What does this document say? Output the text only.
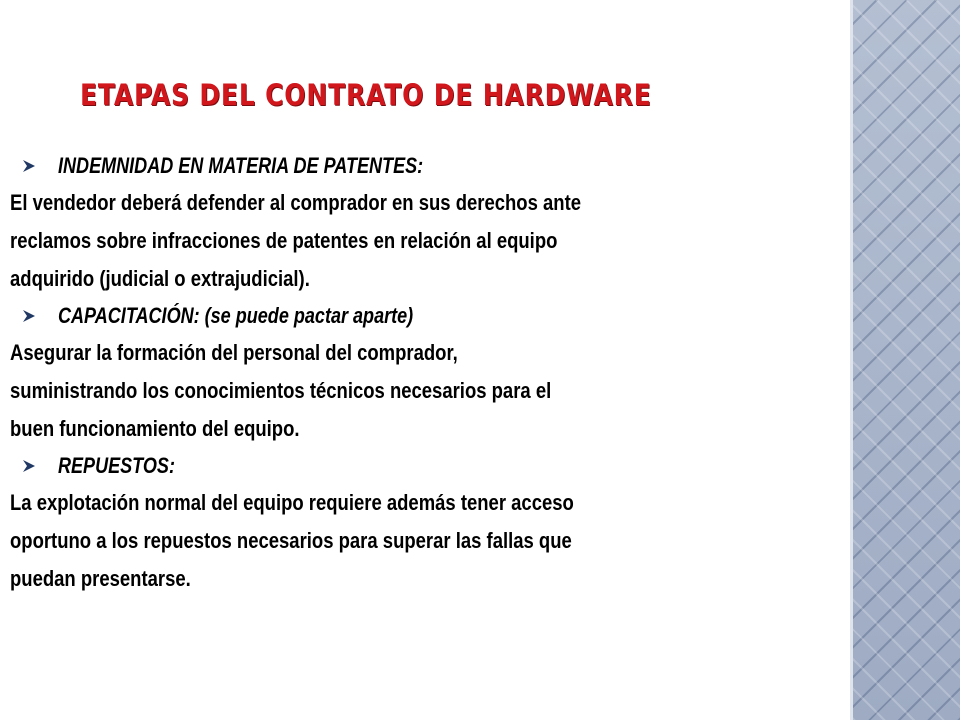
ETAPAS DEL CONTRATO DE HARDWARE
INDEMNIDAD EN MATERIA DE PATENTES:

El vendedor deberá defender al comprador en sus derechos ante
reclamos sobre infracciones de patentes en relación al equipo
adquirido (judicial o extrajudicial).

CAPACITACIÓN: (se puede pactar aparte)

Asegurar la formación del personal del comprador,
suministrando los conocimientos técnicos necesarios para el
buen funcionamiento del equipo.

REPUESTOS:

La explotación normal del equipo requiere además tener acceso
oportuno a los repuestos necesarios para superar las fallas que
puedan presentarse.
